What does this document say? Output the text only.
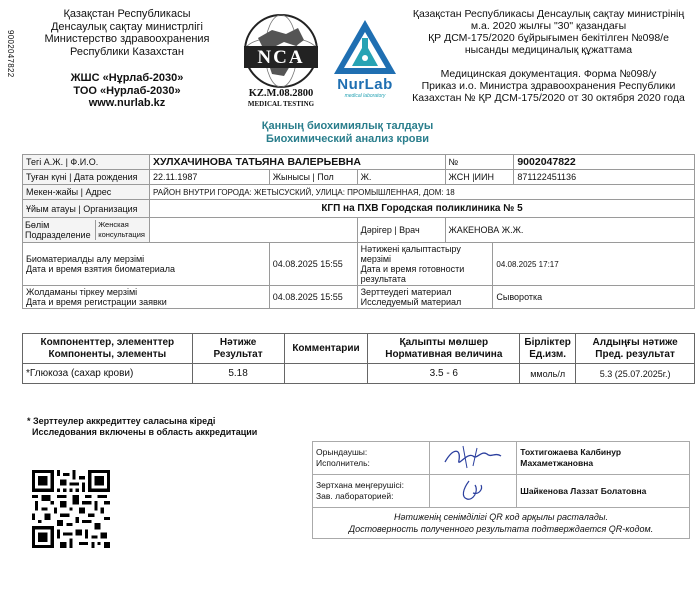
9002047822
Қазақстан Республикасы
Денсаулық сақтау министрлігі
Министерство здравоохранения
Республики Казахстан
ЖШС «Нұрлаб-2030»
ТОО «Нурлаб-2030»
www.nurlab.kz
NCA
KZ.M.08.2800
MEDICAL TESTING
NurLab
medical laboratory
Қазақстан Республикасы Денсаулық сақтау министрінің
м.а. 2020 жылғы "30" қазандағы
ҚР ДСМ-175/2020 бұйрығымен бекітілген №098/е
нысанды медициналық құжаттама
Медицинская документация. Форма №098/у
Приказ и.о. Министра здравоохранения Республики
Казахстан № ҚР ДСМ-175/2020 от 30 октября 2020 года
Қанның биохимиялық талдауы
Биохимический анализ крови
Тегі А.Ж. | Ф.И.О.	ХУЛХАЧИНОВА ТАТЬЯНА ВАЛЕРЬЕВНА	№	9002047822
Туған күні | Дата рождения	22.11.1987	Жынысы | Пол	Ж.	ЖСН |ИИН	871122451136
Мекен-жайы | Адрес	РАЙОН ВНУТРИ ГОРОДА: ЖЕТЫСУСКИЙ, УЛИЦА: ПРОМЫШЛЕННАЯ, ДОМ: 18
Ұйым атауы | Организация	КГП на ПХВ Городская поликлиника № 5

Бөлім
Подразделение	Женская консультация
			Дәрігер | Врач	ЖАКЕНОВА Ж.Ж.
Биоматериалды алу мерзімі
Дата и время взятия биоматериала	04.08.2025 15:55	Нәтижені қалыптастыру мерзімі
Дата и время готовности результата	04.08.2025 17:17
Жолдаманы тіркеу мерзімі
Дата и время регистрации заявки	04.08.2025 15:55	Зерттеудегі материал
Исследуемый материал	Сыворотка
Компоненттер, элементтер
Компоненты, элементы	Нәтиже
Результат	Комментарии	Қалыпты мөлшер
Нормативная величина	Бірліктер
Ед.изм.	Алдыңғы нәтиже
Пред. результат
*Глюкоза (сахар крови)	5.18		3.5 - 6	ммоль/л	5.3 (25.07.2025г.)
* Зерттеулер аккредиттеу саласына кіреді
Исследования включены в область аккредитации
Орындаушы:
Исполнитель:		Тохтигожаева Калбинур Махаметжановна
Зертхана меңгерушісі:
Зав. лабораторией:		Шайкенова Лаззат Болатовна

Нәтиженің сенімділігі QR код арқылы расталады.
Достоверность полученного результата подтверждается QR-кодом.		
